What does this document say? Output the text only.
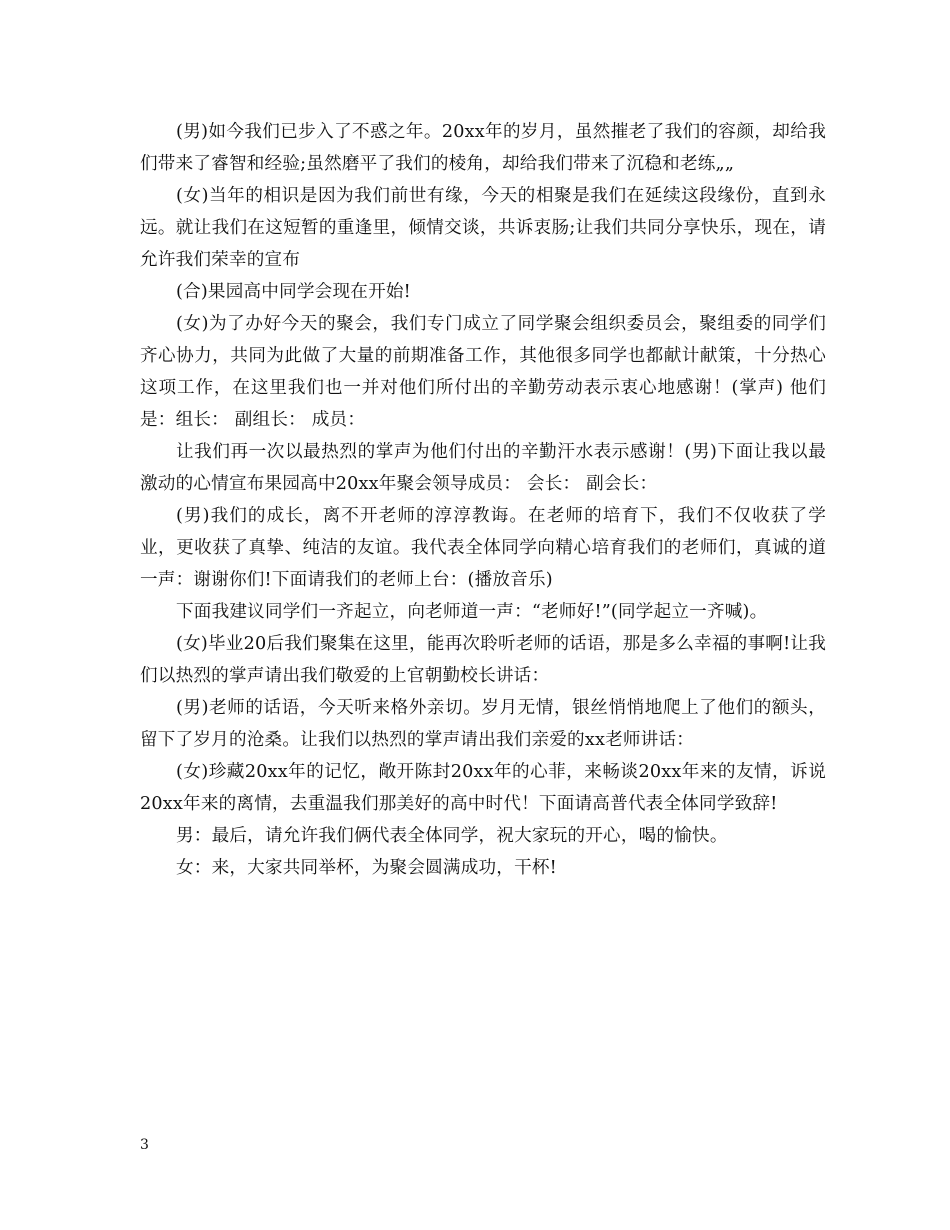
(男)如今我们已步入了不惑之年。20xx年的岁月，虽然摧老了我们的容颜，却给我们带来了睿智和经验;虽然磨平了我们的棱角，却给我们带来了沉稳和老练„„

(女)当年的相识是因为我们前世有缘，今天的相聚是我们在延续这段缘份，直到永远。就让我们在这短暂的重逢里，倾情交谈，共诉衷肠;让我们共同分享快乐，现在，请允许我们荣幸的宣布

(合)果园高中同学会现在开始!

(女)为了办好今天的聚会，我们专门成立了同学聚会组织委员会，聚组委的同学们齐心协力，共同为此做了大量的前期准备工作，其他很多同学也都献计献策，十分热心这项工作，在这里我们也一并对他们所付出的辛勤劳动表示衷心地感谢！(掌声) 他们是：组长： 副组长： 成员：

让我们再一次以最热烈的掌声为他们付出的辛勤汗水表示感谢！(男)下面让我以最激动的心情宣布果园高中20xx年聚会领导成员： 会长： 副会长：

(男)我们的成长，离不开老师的淳淳教诲。在老师的培育下，我们不仅收获了学业，更收获了真挚、纯洁的友谊。我代表全体同学向精心培育我们的老师们，真诚的道一声：谢谢你们!下面请我们的老师上台：(播放音乐)

下面我建议同学们一齐起立，向老师道一声：“老师好!”(同学起立一齐喊)。

(女)毕业20后我们聚集在这里，能再次聆听老师的话语，那是多么幸福的事啊!让我们以热烈的掌声请出我们敬爱的上官朝勤校长讲话：

(男)老师的话语，今天听来格外亲切。岁月无情，银丝悄悄地爬上了他们的额头，留下了岁月的沧桑。让我们以热烈的掌声请出我们亲爱的xx老师讲话：

(女)珍藏20xx年的记忆，敞开陈封20xx年的心菲，来畅谈20xx年来的友情，诉说20xx年来的离情，去重温我们那美好的高中时代！下面请高普代表全体同学致辞!

男：最后，请允许我们俩代表全体同学，祝大家玩的开心，喝的愉快。

女：来，大家共同举杯，为聚会圆满成功，干杯!

3
